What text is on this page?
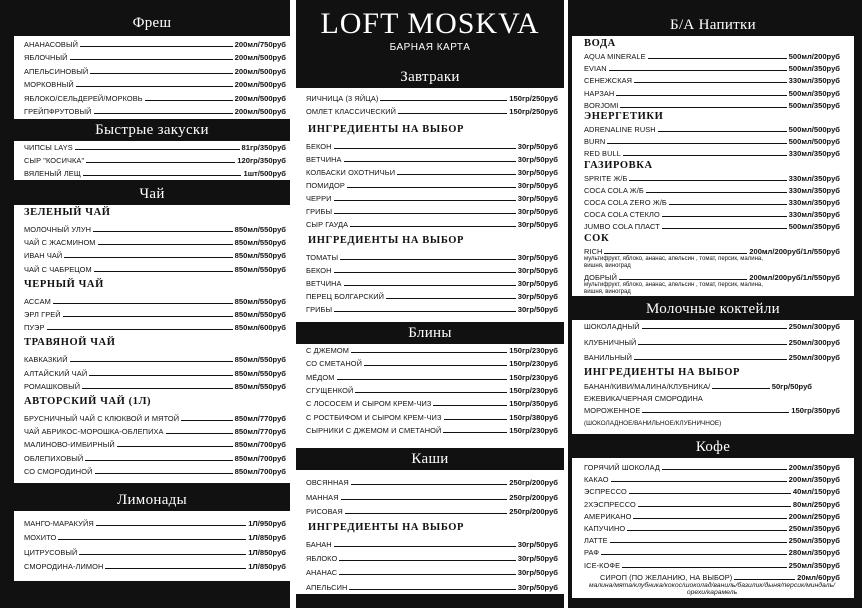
LOFT MOSKVA
БАРНАЯ КАРТА
LOFT-MOSKVA.RU
Фреш
АНАНАСОВЫЙ	200мл/750руб
ЯБЛОЧНЫЙ	200мл/500руб
АПЕЛЬСИНОВЫЙ	200мл/500руб
МОРКОВНЫЙ	200мл/500руб
ЯБЛОКО/СЕЛЬДЕРЕЙ/МОРКОВЬ	200мл/500руб
ГРЕЙПФРУТОВЫЙ	200мл/500руб
Быстрые закуски
ЧИПСЫ LAYS	81гр/350руб
СЫР "КОСИЧКА"	120гр/350руб
ВЯЛЕНЫЙ ЛЕЩ	1шт/500руб
Чай
ЗЕЛЕНЫЙ ЧАЙ
МОЛОЧНЫЙ УЛУН	850мл/550руб
ЧАЙ С ЖАСМИНОМ	850мл/550руб
ИВАН ЧАЙ	850мл/550руб
ЧАЙ С ЧАБРЕЦОМ	850мл/550руб
ЧЕРНЫЙ ЧАЙ
АССАМ	850мл/550руб
ЭРЛ ГРЕЙ	850мл/550руб
ПУЭР	850мл/600руб
ТРАВЯНОЙ ЧАЙ
КАВКАЗКИЙ	850мл/550руб
АЛТАЙСКИЙ ЧАЙ	850мл/550руб
РОМАШКОВЫЙ	850мл/550руб
АВТОРСКИЙ ЧАЙ (1Л)
БРУСНИЧНЫЙ ЧАЙ С КЛЮКВОЙ И МЯТОЙ	850мл/770руб
ЧАЙ АБРИКОС-МОРОШКА-ОБЛЕПИХА	850мл/770руб
МАЛИНОВО-ИМБИРНЫЙ	850мл/700руб
ОБЛЕПИХОВЫЙ	850мл/700руб
СО СМОРОДИНОЙ	850мл/700руб
Лимонады
МАНГО-МАРАКУЙЯ	1Л/950руб
МОХИТО	1Л/850руб
ЦИТРУСОВЫЙ	1Л/850руб
СМОРОДИНА-ЛИМОН	1Л/850руб
Завтраки
ЯИЧНИЦА (3 ЯЙЦА)	150гр/250руб
ОМЛЕТ КЛАССИЧЕСКИЙ	150гр/250руб
ИНГРЕДИЕНТЫ НА ВЫБОР
БЕКОН	30гр/50руб
ВЕТЧИНА	30гр/50руб
КОЛБАСКИ ОХОТНИЧЬИ	30гр/50руб
ПОМИДОР	30гр/50руб
ЧЕРРИ	30гр/50руб
ГРИБЫ	30гр/50руб
СЫР ГАУДА	30гр/50руб
ИНГРЕДИЕНТЫ НА ВЫБОР
ТОМАТЫ	30гр/50руб
БЕКОН	30гр/50руб
ВЕТЧИНА	30гр/50руб
ПЕРЕЦ БОЛГАРСКИЙ	30гр/50руб
ГРИБЫ	30гр/50руб
Блины
С ДЖЕМОМ	150гр/230руб
СО СМЕТАНОЙ	150гр/230руб
МЁДОМ	150гр/230руб
СГУЩЕНКОЙ	150гр/230руб
С ЛОСОСЕМ И СЫРОМ КРЕМ-ЧИЗ	150гр/350руб
С РОСТБИФОМ И СЫРОМ КРЕМ-ЧИЗ	150гр/380руб
СЫРНИКИ С ДЖЕМОМ И СМЕТАНОЙ	150гр/230руб
Каши
ОВСЯННАЯ	250гр/200руб
МАННАЯ	250гр/200руб
РИСОВАЯ	250гр/200руб
ИНГРЕДИЕНТЫ НА ВЫБОР
БАНАН	30гр/50руб
ЯБЛОКО	30гр/50руб
АНАНАС	30гр/50руб
АПЕЛЬСИН	30гр/50руб
Б/А Напитки
ВОДА
AQUA MINERALE	500мл/200руб
EVIAN	500мл/350руб
СЕНЕЖСКАЯ	330мл/350руб
НАРЗАН	500мл/350руб
BORJOMI	500мл/350руб
ЭНЕРГЕТИКИ
ADRENALINE RUSH	500мл/500руб
BURN	500мл/500руб
RED BULL	330мл/350руб
ГАЗИРОВКА
SPRITE Ж/Б	330мл/350руб
COCA COLA Ж/Б	330мл/350руб
COCA COLA ZERO Ж/Б	330мл/350руб
COCA COLA СТЕКЛО	330мл/350руб
JUMBO COLA ПЛАСТ	500мл/350руб
СОК
RICH	200мл/200руб/1л/550руб
мультифрукт, яблоко, ананас, апельсин , томат, персик, малина, вишня, виноград
ДОБРЫЙ	200мл/200руб/1л/550руб
мультифрукт, яблоко, ананас, апельсин , томат, персик, малина, вишня, виноград
Молочные коктейли
ШОКОЛАДНЫЙ	250мл/300руб
КЛУБНИЧНЫЙ	250мл/300руб
ВАНИЛЬНЫЙ	250мл/300руб
ИНГРЕДИЕНТЫ НА ВЫБОР
БАНАН/КИВИ/МАЛИНА/КЛУБНИКА/	50гр/50руб
ЕЖЕВИКА/ЧЕРНАЯ СМОРОДИНА
МОРОЖЕННОЕ	150гр/350руб
(ШОКОЛАДНОЕ/ВАНИЛЬНОЕ/КЛУБНИЧНОЕ)
Кофе
ГОРЯЧИЙ ШОКОЛАД	200мл/350руб
КАКАО	200мл/350руб
ЭСПРЕССО	40мл/150руб
2ХЭСПРЕССО	80мл/250руб
АМЕРИКАНО	200мл/250руб
КАПУЧИНО	250мл/350руб
ЛАТТЕ	250мл/350руб
РАФ	280мл/350руб
ICE-КОФЕ	250мл/350руб
СИРОП (ПО ЖЕЛАНИЮ, НА ВЫБОР)	20мл/60руб
малина/мята/клубника/кокос/шоколад/ваниль/базилик/дыня/персик/миндаль/орехи/карамель
